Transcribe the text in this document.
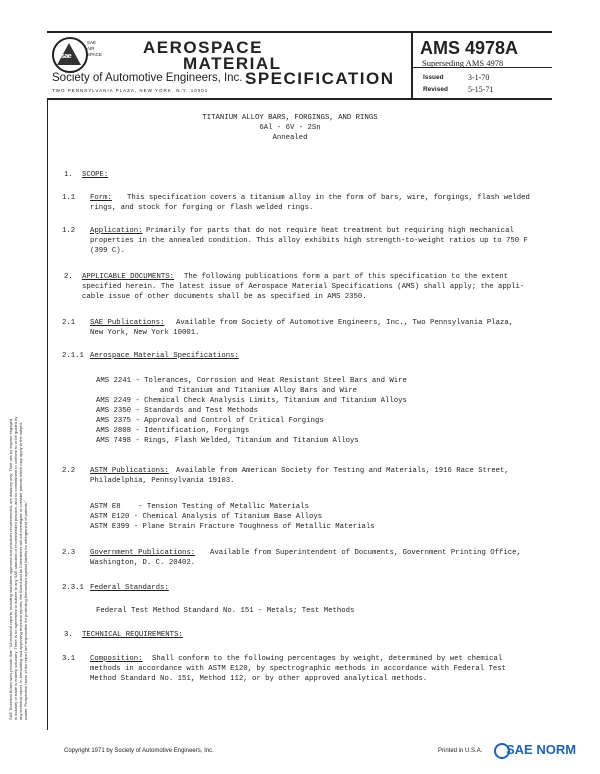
sae
SAE
AIR
SPACE AEROSPACE
MATERIAL
Society of Automotive Engineers, Inc. SPECIFICATION
TWO PENNSYLVANIA PLAZA, NEW YORK, N.Y. 10001
AMS 4978A
Superseding AMS 4978
Issued	3-1-70
Revised	5-15-71
TITANIUM ALLOY BARS, FORGINGS, AND RINGS
6Al - 6V - 2Sn
Annealed
1. SCOPE:
1.1 Form: This specification covers a titanium alloy in the form of bars, wire, forgings, flash welded
rings, and stock for forging or flash welded rings.
1.2 Application: Primarily for parts that do not require heat treatment but requiring high mechanical
properties in the annealed condition. This alloy exhibits high strength-to-weight ratios up to 750 F
(399 C).
2. APPLICABLE DOCUMENTS: The following publications form a part of this specification to the extent
specified herein. The latest issue of Aerospace Material Specifications (AMS) shall apply; the appli-
cable issue of other documents shall be as specified in AMS 2350.
2.1 SAE Publications: Available from Society of Automotive Engineers, Inc., Two Pennsylvania Plaza,
New York, New York 10001.
2.1.1 Aerospace Material Specifications:
AMS 2241 - Tolerances, Corrosion and Heat Resistant Steel Bars and Wire
and Titanium and Titanium Alloy Bars and Wire
AMS 2249 - Chemical Check Analysis Limits, Titanium and Titanium Alloys
AMS 2350 - Standards and Test Methods
AMS 2375 - Approval and Control of Critical Forgings
AMS 2808 - Identification, Forgings
AMS 7498 - Rings, Flash Welded, Titanium and Titanium Alloys
2.2 ASTM Publications: Available from American Society for Testing and Materials, 1916 Race Street,
Philadelphia, Pennsylvania 19103.
ASTM E8    - Tension Testing of Metallic Materials
ASTM E120 - Chemical Analysis of Titanium Base Alloys
ASTM E399 - Plane Strain Fracture Toughness of Metallic Materials
2.3 Government Publications: Available from Superintendent of Documents, Government Printing Office,
Washington, D. C. 20402.
2.3.1 Federal Standards:
Federal Test Method Standard No. 151 - Metals; Test Methods
3. TECHNICAL REQUIREMENTS:
3.1 Composition: Shall conform to the following percentages by weight, determined by wet chemical
methods in accordance with ASTM E120, by spectrographic methods in accordance with Federal Test
Method Standard No. 151, Method 112, or by other approved analytical methods.
SAE Technical Board rules provide that: "All technical reports, including standards approved and practices recommended, are advisory only. Their use by anyone engaged in industry or trade is entirely voluntary. There is no agreement to adhere to any SAE standard or recommended practice, and no commitment to conform to or be guided by any technical report. In formulating and approving technical reports, the Board and its Committees will not investigate or consider patents which may apply to the subject matter. Prospective users of the report are responsible for protecting themselves against liability for infringement of patents."
Copyright 1971 by Society of Automotive Engineers, Inc.	Printed in U.S.A. SAE NORM
